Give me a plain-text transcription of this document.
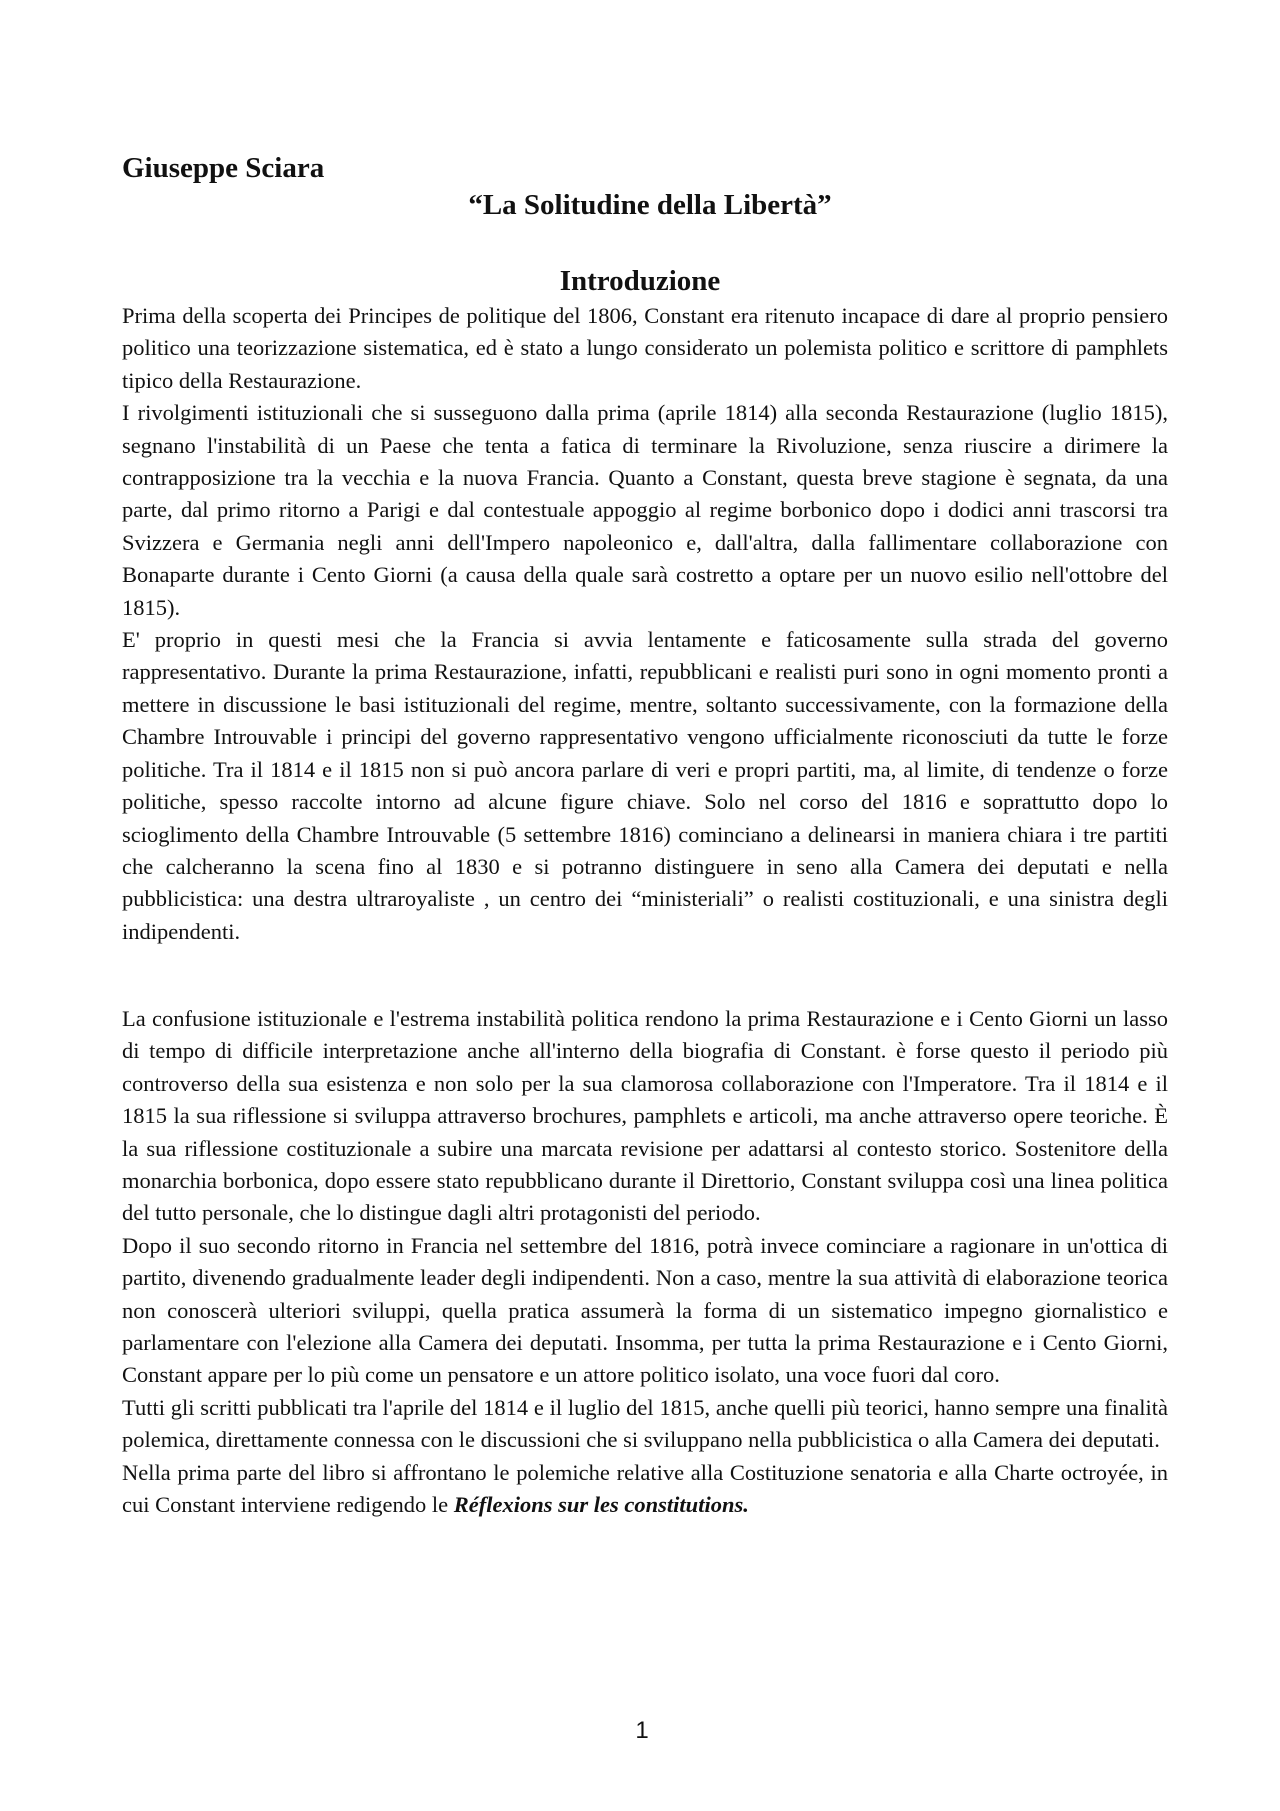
Giuseppe Sciara
“La Solitudine della Libertà”
Introduzione

Prima della scoperta dei Principes de politique del 1806, Constant era ritenuto incapace di dare al proprio pensiero politico una teorizzazione sistematica, ed è stato a lungo considerato un polemista politico e scrittore di pamphlets tipico della Restaurazione.

I rivolgimenti istituzionali che si susseguono dalla prima (aprile 1814) alla seconda Restaurazione (luglio 1815), segnano l'instabilità di un Paese che tenta a fatica di terminare la Rivoluzione, senza riuscire a dirimere la contrapposizione tra la vecchia e la nuova Francia. Quanto a Constant, questa breve stagione è segnata, da una parte, dal primo ritorno a Parigi e dal contestuale appoggio al regime borbonico dopo i dodici anni trascorsi tra Svizzera e Germania negli anni dell'Impero napoleonico e, dall'altra, dalla fallimentare collaborazione con Bonaparte durante i Cento Giorni (a causa della quale sarà costretto a optare per un nuovo esilio nell'ottobre del 1815).

E' proprio in questi mesi che la Francia si avvia lentamente e faticosamente sulla strada del governo rappresentativo. Durante la prima Restaurazione, infatti, repubblicani e realisti puri sono in ogni momento pronti a mettere in discussione le basi istituzionali del regime, mentre, soltanto successivamente, con la formazione della Chambre Introuvable i principi del governo rappresentativo vengono ufficialmente riconosciuti da tutte le forze politiche. Tra il 1814 e il 1815 non si può ancora parlare di veri e propri partiti, ma, al limite, di tendenze o forze politiche, spesso raccolte intorno ad alcune figure chiave. Solo nel corso del 1816 e soprattutto dopo lo scioglimento della Chambre Introuvable (5 settembre 1816) cominciano a delinearsi in maniera chiara i tre partiti che calcheranno la scena fino al 1830 e si potranno distinguere in seno alla Camera dei deputati e nella pubblicistica: una destra ultraroyaliste , un centro dei “ministeriali” o realisti costituzionali, e una sinistra degli indipendenti.

La confusione istituzionale e l'estrema instabilità politica rendono la prima Restaurazione e i Cento Giorni un lasso di tempo di difficile interpretazione anche all'interno della biografia di Constant. è forse questo il periodo più controverso della sua esistenza e non solo per la sua clamorosa collaborazione con l'Imperatore. Tra il 1814 e il 1815 la sua riflessione si sviluppa attraverso brochures, pamphlets e articoli, ma anche attraverso opere teoriche. È la sua riflessione costituzionale a subire una marcata revisione per adattarsi al contesto storico. Sostenitore della monarchia borbonica, dopo essere stato repubblicano durante il Direttorio, Constant sviluppa così una linea politica del tutto personale, che lo distingue dagli altri protagonisti del periodo.

Dopo il suo secondo ritorno in Francia nel settembre del 1816, potrà invece cominciare a ragionare in un'ottica di partito, divenendo gradualmente leader degli indipendenti. Non a caso, mentre la sua attività di elaborazione teorica non conoscerà ulteriori sviluppi, quella pratica assumerà la forma di un sistematico impegno giornalistico e parlamentare con l'elezione alla Camera dei deputati. Insomma, per tutta la prima Restaurazione e i Cento Giorni, Constant appare per lo più come un pensatore e un attore politico isolato, una voce fuori dal coro.

Tutti gli scritti pubblicati tra l'aprile del 1814 e il luglio del 1815, anche quelli più teorici, hanno sempre una finalità polemica, direttamente connessa con le discussioni che si sviluppano nella pubblicistica o alla Camera dei deputati.

Nella prima parte del libro si affrontano le polemiche relative alla Costituzione senatoria e alla Charte octroyée, in cui Constant interviene redigendo le Réflexions sur les constitutions.

1
